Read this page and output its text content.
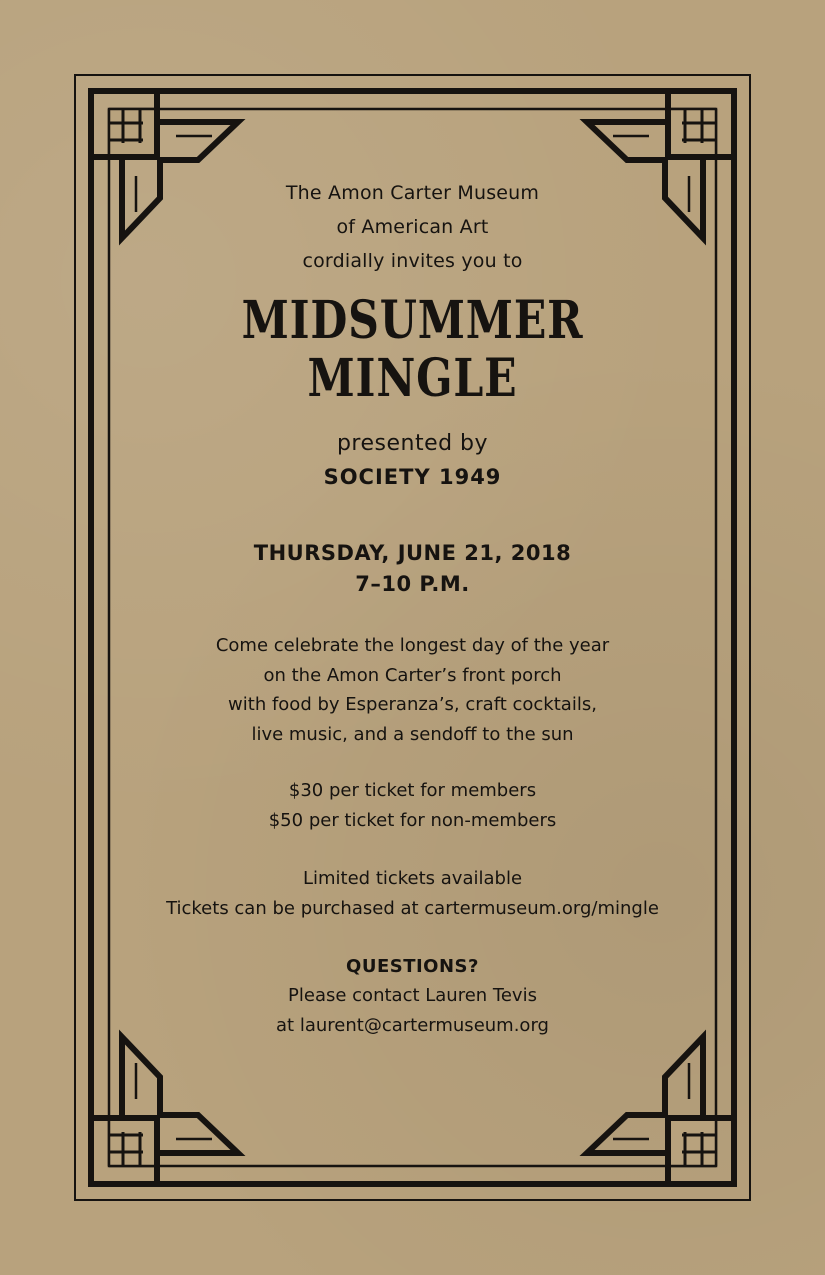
The Amon Carter Museum
of American Art
cordially invites you to
MIDSUMMER
MINGLE
presented by
SOCIETY 1949
THURSDAY, JUNE 21, 2018
7–10 P.M.
Come celebrate the longest day of the year
on the Amon Carter’s front porch
with food by Esperanza’s, craft cocktails,
live music, and a sendoff to the sun
$30 per ticket for members
$50 per ticket for non-members
Limited tickets available
Tickets can be purchased at cartermuseum.org/mingle
QUESTIONS?
Please contact Lauren Tevis
at laurent@cartermuseum.org
